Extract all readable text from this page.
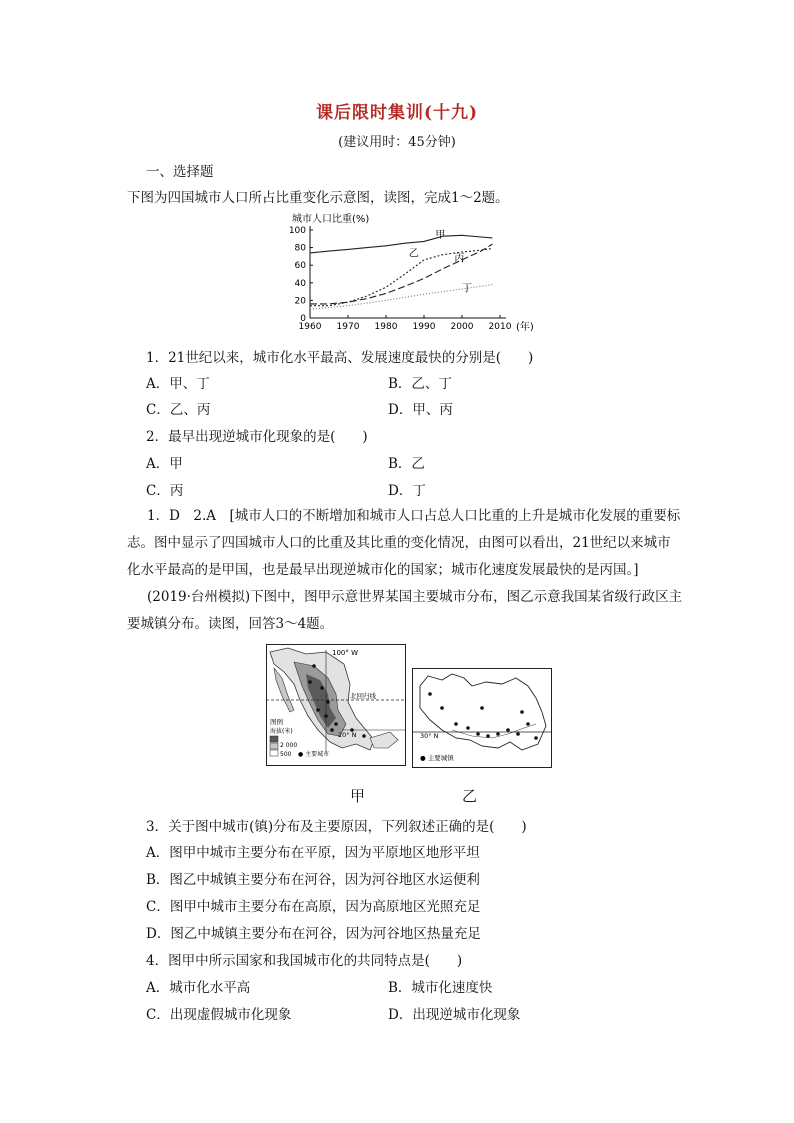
课后限时集训(十九)
(建议用时：45分钟)
一、选择题
下图为四国城市人口所占比重变化示意图，读图，完成1～2题。
城市人口比重(%)
(年)
0
20
40
60
80
100
1960 1970 1980 1990 2000 2010
甲
乙	丙
丁
1．21世纪以来，城市化水平最高、发展速度最快的分别是(　　)
A．甲、丁	B．乙、丁
C．乙、丙	D．甲、丙
2．最早出现逆城市化现象的是(　　)
A．甲	B．乙
C．丙	D．丁
1．D　2.A　[城市人口的不断增加和城市人口占总人口比重的上升是城市化发展的重要标志。图中显示了四国城市人口的比重及其比重的变化情况，由图可以看出，21世纪以来城市化水平最高的是甲国，也是最早出现逆城市化的国家；城市化速度发展最快的是丙国。]
(2019·台州模拟)下图中，图甲示意世界某国主要城市分布，图乙示意我国某省级行政区主要城镇分布。读图，回答3～4题。
100° W
北回归线
20° N
图例
海拔(米)
2 000
500 ● 主要城市
30° N
● 主要城镇
甲	乙
3．关于图中城市(镇)分布及主要原因，下列叙述正确的是(　　)
A．图甲中城市主要分布在平原，因为平原地区地形平坦
B．图乙中城镇主要分布在河谷，因为河谷地区水运便利
C．图甲中城市主要分布在高原，因为高原地区光照充足
D．图乙中城镇主要分布在河谷，因为河谷地区热量充足
4．图甲中所示国家和我国城市化的共同特点是(　　)
A．城市化水平高	B．城市化速度快
C．出现虚假城市化现象	D．出现逆城市化现象
